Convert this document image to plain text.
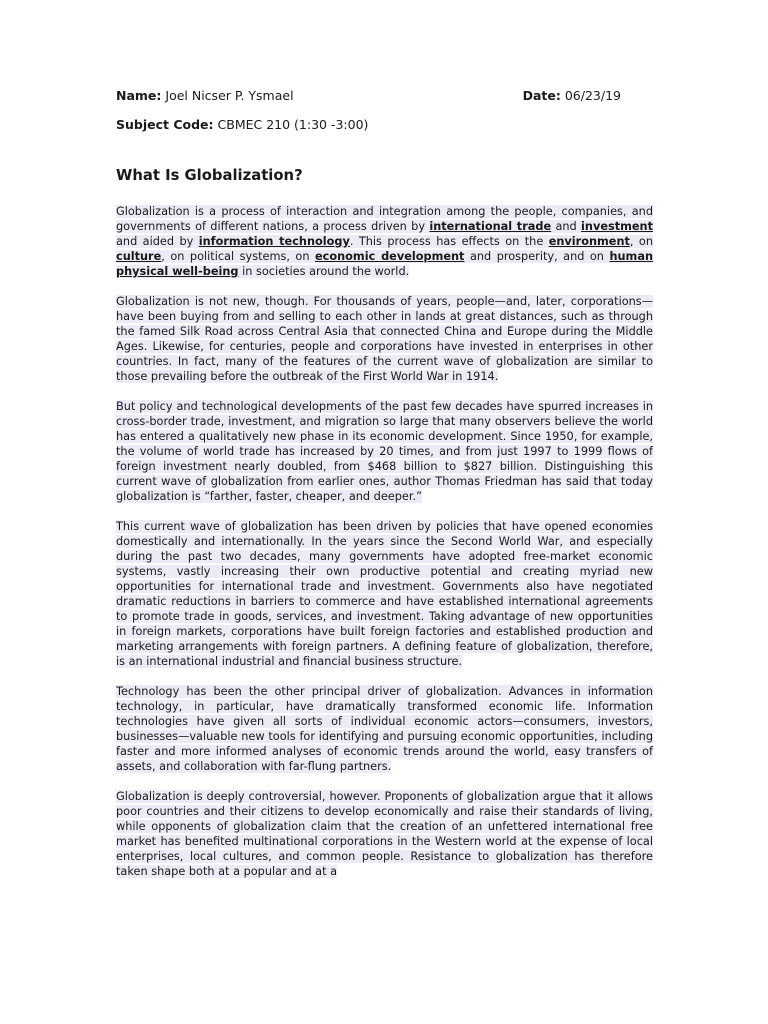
Name: Joel Nicser P. Ysmael	Date: 06/23/19
Subject Code: CBMEC 210 (1:30 -3:00)
What Is Globalization?

Globalization is a process of interaction and integration among the people, companies, and governments of different nations, a process driven by international trade and investment and aided by information technology. This process has effects on the environment, on culture, on political systems, on economic development and prosperity, and on human physical well-being in societies around the world.

Globalization is not new, though. For thousands of years, people—and, later, corporations—have been buying from and selling to each other in lands at great distances, such as through the famed Silk Road across Central Asia that connected China and Europe during the Middle Ages. Likewise, for centuries, people and corporations have invested in enterprises in other countries. In fact, many of the features of the current wave of globalization are similar to those prevailing before the outbreak of the First World War in 1914.

But policy and technological developments of the past few decades have spurred increases in cross-border trade, investment, and migration so large that many observers believe the world has entered a qualitatively new phase in its economic development. Since 1950, for example, the volume of world trade has increased by 20 times, and from just 1997 to 1999 flows of foreign investment nearly doubled, from $468 billion to $827 billion. Distinguishing this current wave of globalization from earlier ones, author Thomas Friedman has said that today globalization is “farther, faster, cheaper, and deeper.”

This current wave of globalization has been driven by policies that have opened economies domestically and internationally. In the years since the Second World War, and especially during the past two decades, many governments have adopted free-market economic systems, vastly increasing their own productive potential and creating myriad new opportunities for international trade and investment. Governments also have negotiated dramatic reductions in barriers to commerce and have established international agreements to promote trade in goods, services, and investment. Taking advantage of new opportunities in foreign markets, corporations have built foreign factories and established production and marketing arrangements with foreign partners. A defining feature of globalization, therefore, is an international industrial and financial business structure.

Technology has been the other principal driver of globalization. Advances in information technology, in particular, have dramatically transformed economic life. Information technologies have given all sorts of individual economic actors—consumers, investors, businesses—valuable new tools for identifying and pursuing economic opportunities, including faster and more informed analyses of economic trends around the world, easy transfers of assets, and collaboration with far-flung partners.

Globalization is deeply controversial, however. Proponents of globalization argue that it allows poor countries and their citizens to develop economically and raise their standards of living, while opponents of globalization claim that the creation of an unfettered international free market has benefited multinational corporations in the Western world at the expense of local enterprises, local cultures, and common people. Resistance to globalization has therefore taken shape both at a popular and at a
